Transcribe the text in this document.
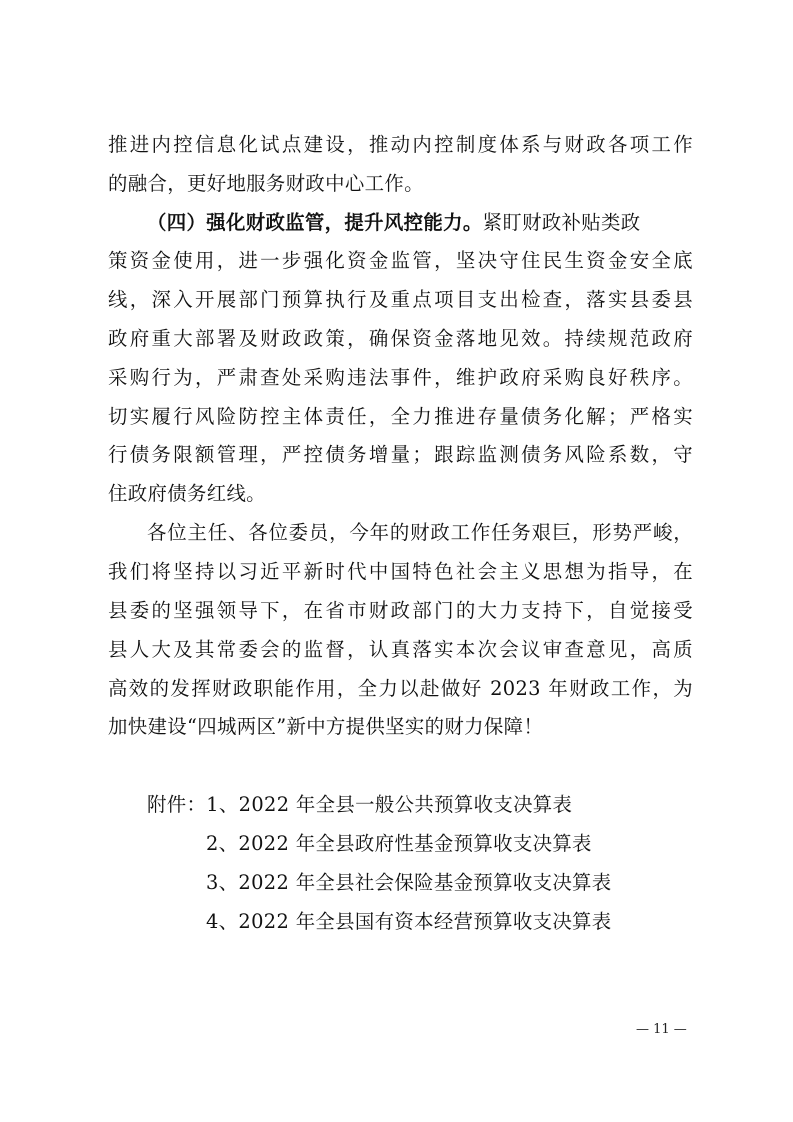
推进内控信息化试点建设，推动内控制度体系与财政各项工作
的融合，更好地服务财政中心工作。
（四）强化财政监管，提升风控能力。紧盯财政补贴类政
策资金使用，进一步强化资金监管，坚决守住民生资金安全底
线，深入开展部门预算执行及重点项目支出检查，落实县委县
政府重大部署及财政政策，确保资金落地见效。持续规范政府
采购行为，严肃查处采购违法事件，维护政府采购良好秩序。
切实履行风险防控主体责任，全力推进存量债务化解；严格实
行债务限额管理，严控债务增量；跟踪监测债务风险系数，守
住政府债务红线。
各位主任、各位委员，今年的财政工作任务艰巨，形势严峻，
我们将坚持以习近平新时代中国特色社会主义思想为指导，在
县委的坚强领导下，在省市财政部门的大力支持下，自觉接受
县人大及其常委会的监督，认真落实本次会议审查意见，高质
高效的发挥财政职能作用，全力以赴做好 2023 年财政工作，为
加快建设“四城两区”新中方提供坚实的财力保障！
附件：1、2022 年全县一般公共预算收支决算表
2、2022 年全县政府性基金预算收支决算表
3、2022 年全县社会保险基金预算收支决算表
4、2022 年全县国有资本经营预算收支决算表
— 11 —
